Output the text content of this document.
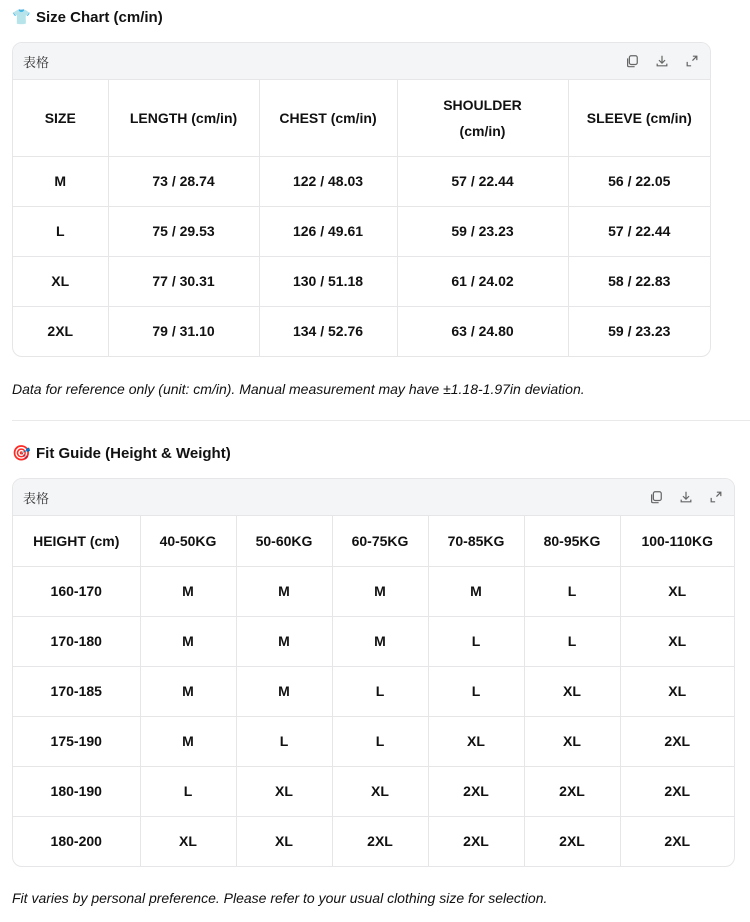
👕 Size Chart (cm/in)
表格
SIZE	LENGTH (cm/in)	CHEST (cm/in)	SHOULDER (cm/in)	SLEEVE (cm/in)
M	73 / 28.74	122 / 48.03	57 / 22.44	56 / 22.05
L	75 / 29.53	126 / 49.61	59 / 23.23	57 / 22.44
XL	77 / 30.31	130 / 51.18	61 / 24.02	58 / 22.83
2XL	79 / 31.10	134 / 52.76	63 / 24.80	59 / 23.23
Data for reference only (unit: cm/in). Manual measurement may have ±1.18-1.97in deviation.
🎯 Fit Guide (Height & Weight)
表格
HEIGHT (cm)	40-50KG	50-60KG	60-75KG	70-85KG	80-95KG	100-110KG
160-170	M	M	M	M	L	XL
170-180	M	M	M	L	L	XL
170-185	M	M	L	L	XL	XL
175-190	M	L	L	XL	XL	2XL
180-190	L	XL	XL	2XL	2XL	2XL
180-200	XL	XL	2XL	2XL	2XL	2XL
Fit varies by personal preference. Please refer to your usual clothing size for selection.
